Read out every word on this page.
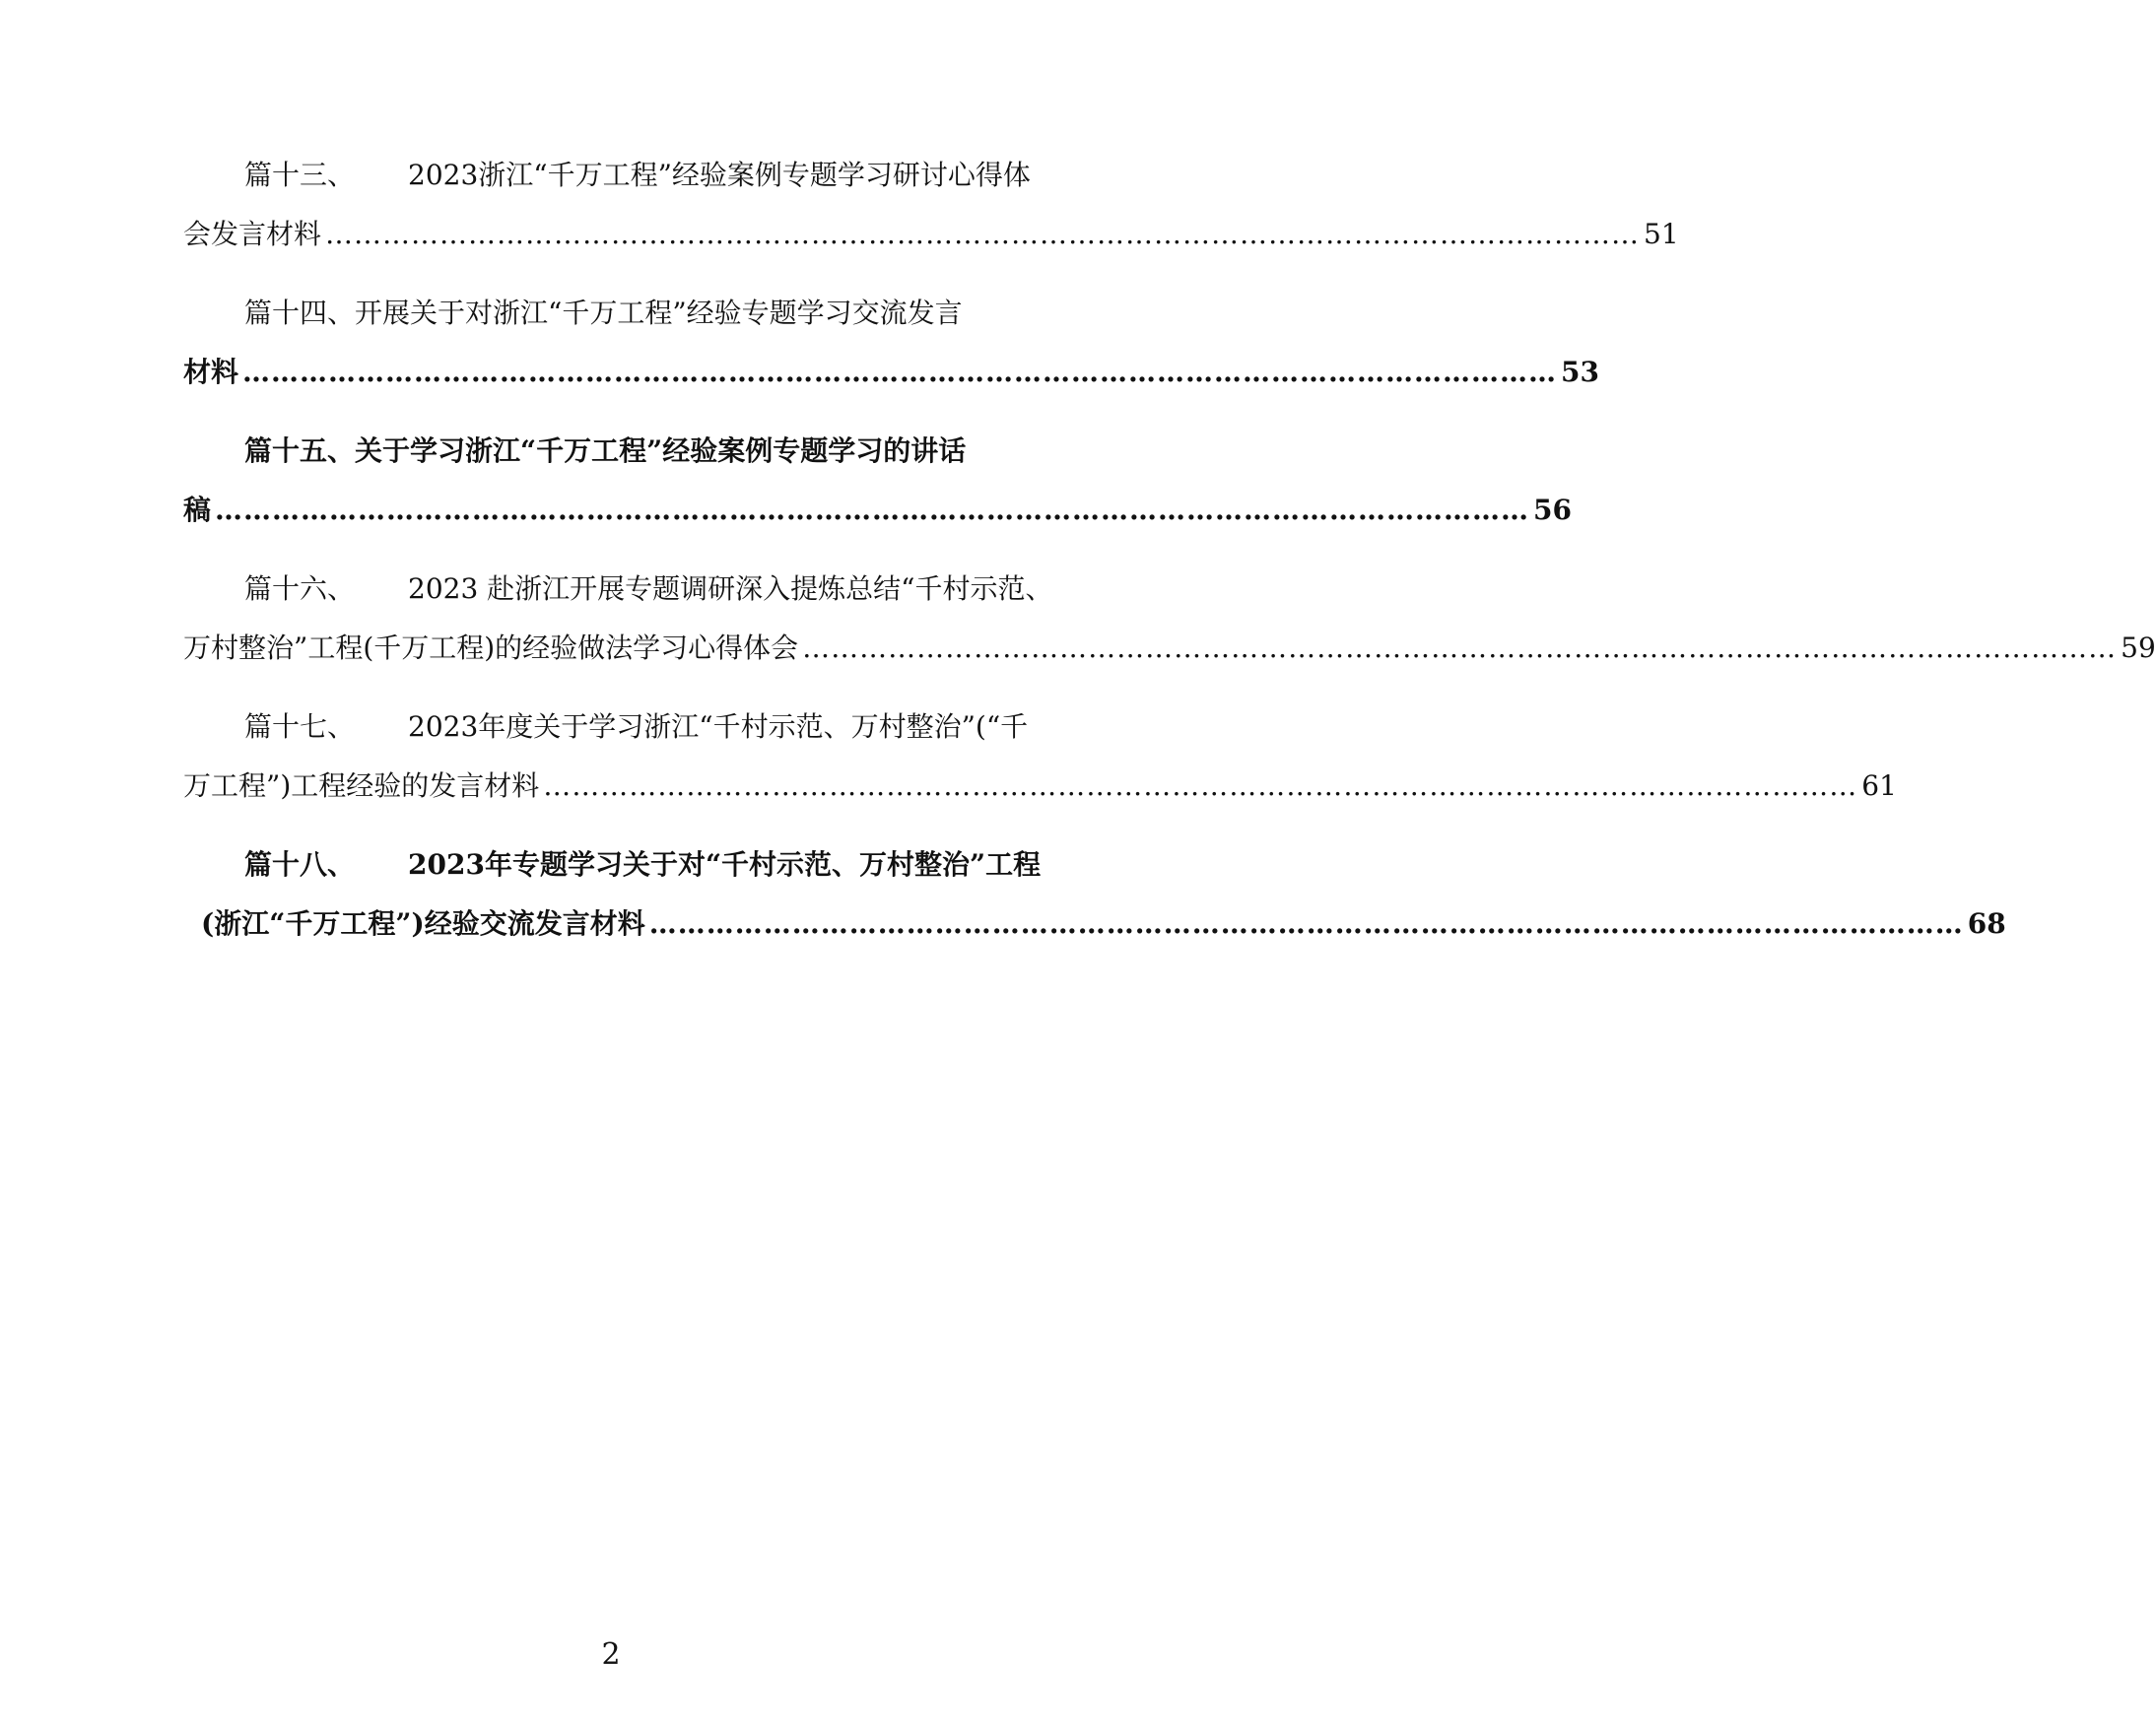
篇十三、 2023浙江“千万工程”经验案例专题学习研讨心得体
会发言材料 ………………………………………………………………………………………………………………………… 51
篇十四、开展关于对浙江“千万工程”经验专题学习交流发言
材料 ………………………………………………………………………………………………………………………… 53
篇十五、关于学习浙江“千万工程”经验案例专题学习的讲话
稿 ………………………………………………………………………………………………………………………… 56
篇十六、 2023 赴浙江开展专题调研深入提炼总结“千村示范、
万村整治”工程(千万工程)的经验做法学习心得体会 ………………………………………………………………………………………………………………………… 59
篇十七、 2023年度关于学习浙江“千村示范、万村整治”(“千
万工程”)工程经验的发言材料 ………………………………………………………………………………………………………………………… 61
篇十八、 2023年专题学习关于对“千村示范、万村整治”工程
(浙江“千万工程”)经验交流发言材料 ………………………………………………………………………………………………………………………… 68
2
